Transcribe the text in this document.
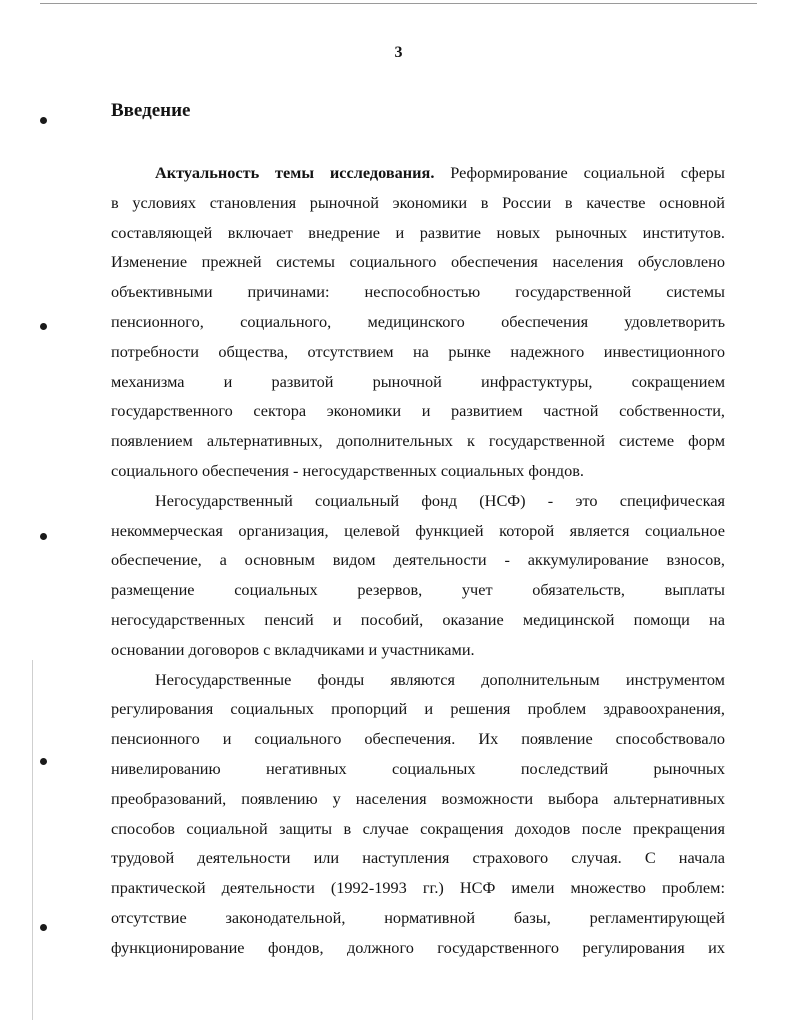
3
Введение
Актуальность темы исследования. Реформирование социальной сферы
в условиях становления рыночной экономики в России в качестве основной
составляющей включает внедрение и развитие новых рыночных институтов.
Изменение прежней системы социального обеспечения населения обусловлено
объективными причинами: неспособностью государственной системы
пенсионного, социального, медицинского обеспечения удовлетворить
потребности общества, отсутствием на рынке надежного инвестиционного
механизма и развитой рыночной инфрастуктуры, сокращением
государственного сектора экономики и развитием частной собственности,
появлением альтернативных, дополнительных к государственной системе форм
социального обеспечения - негосударственных социальных фондов.
Негосударственный социальный фонд (НСФ) - это специфическая
некоммерческая организация, целевой функцией которой является социальное
обеспечение, а основным видом деятельности - аккумулирование взносов,
размещение социальных резервов, учет обязательств, выплаты
негосударственных пенсий и пособий, оказание медицинской помощи на
основании договоров с вкладчиками и участниками.
Негосударственные фонды являются дополнительным инструментом
регулирования социальных пропорций и решения проблем здравоохранения,
пенсионного и социального обеспечения. Их появление способствовало
нивелированию негативных социальных последствий рыночных
преобразований, появлению у населения возможности выбора альтернативных
способов социальной защиты в случае сокращения доходов после прекращения
трудовой деятельности или наступления страхового случая. С начала
практической деятельности (1992-1993 гг.) НСФ имели множество проблем:
отсутствие законодательной, нормативной базы, регламентирующей
функционирование фондов, должного государственного регулирования их
